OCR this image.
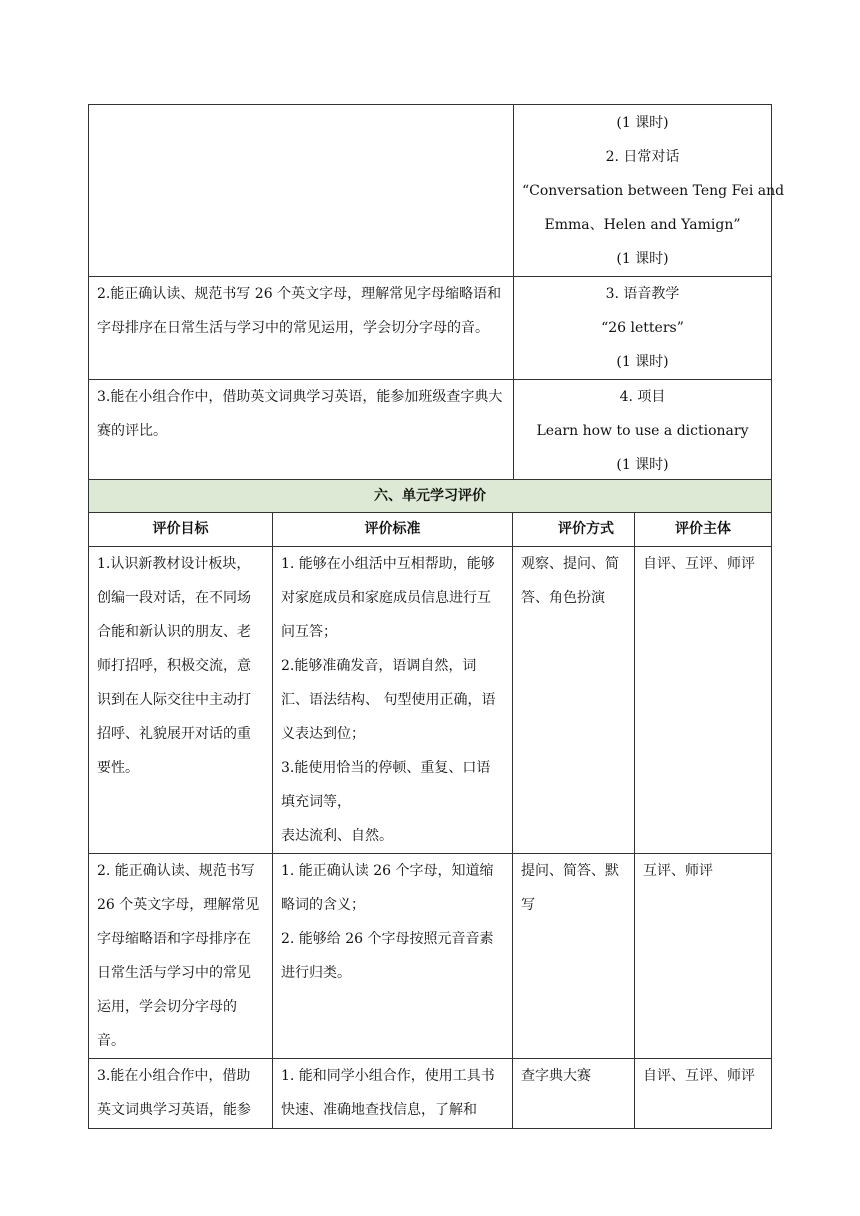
	(1 课时)
2. 日常对话
“Conversation between Teng Fei and
Emma、Helen and Yamign”
(1 课时)

2.能正确认读、规范书写 26 个英文字母，理解常见字母缩略语和字母排序在日常生活与学习中的常见运用，学会切分字母的音。	3. 语音教学
“26 letters”
(1 课时)

3.能在小组合作中，借助英文词典学习英语，能参加班级查字典大赛的评比。	4. 项目
Learn how to use a dictionary
(1 课时)
六、单元学习评价			
评价目标	评价标准	评价方式	评价主体
1.认识新教材设计板块，创编一段对话，在不同场合能和新认识的朋友、老师打招呼，积极交流，意识到在人际交往中主动打招呼、礼貌展开对话的重要性。	1. 能够在小组活中互相帮助，能够对家庭成员和家庭成员信息进行互问互答；
2.能够准确发音，语调自然，词汇、语法结构、 句型使用正确，语义表达到位；
3.能使用恰当的停顿、重复、口语填充词等，
表达流利、自然。	观察、提问、简答、角色扮演	自评、互评、师评
2. 能正确认读、规范书写 26 个英文字母，理解常见字母缩略语和字母排序在日常生活与学习中的常见运用，学会切分字母的音。	1. 能正确认读 26 个字母，知道缩略词的含义；
2. 能够给 26 个字母按照元音音素进行归类。	提问、简答、默写	互评、师评
3.能在小组合作中，借助英文词典学习英语，能参	1. 能和同学小组合作，使用工具书快速、准确地查找信息，了解和	查字典大赛	自评、互评、师评
